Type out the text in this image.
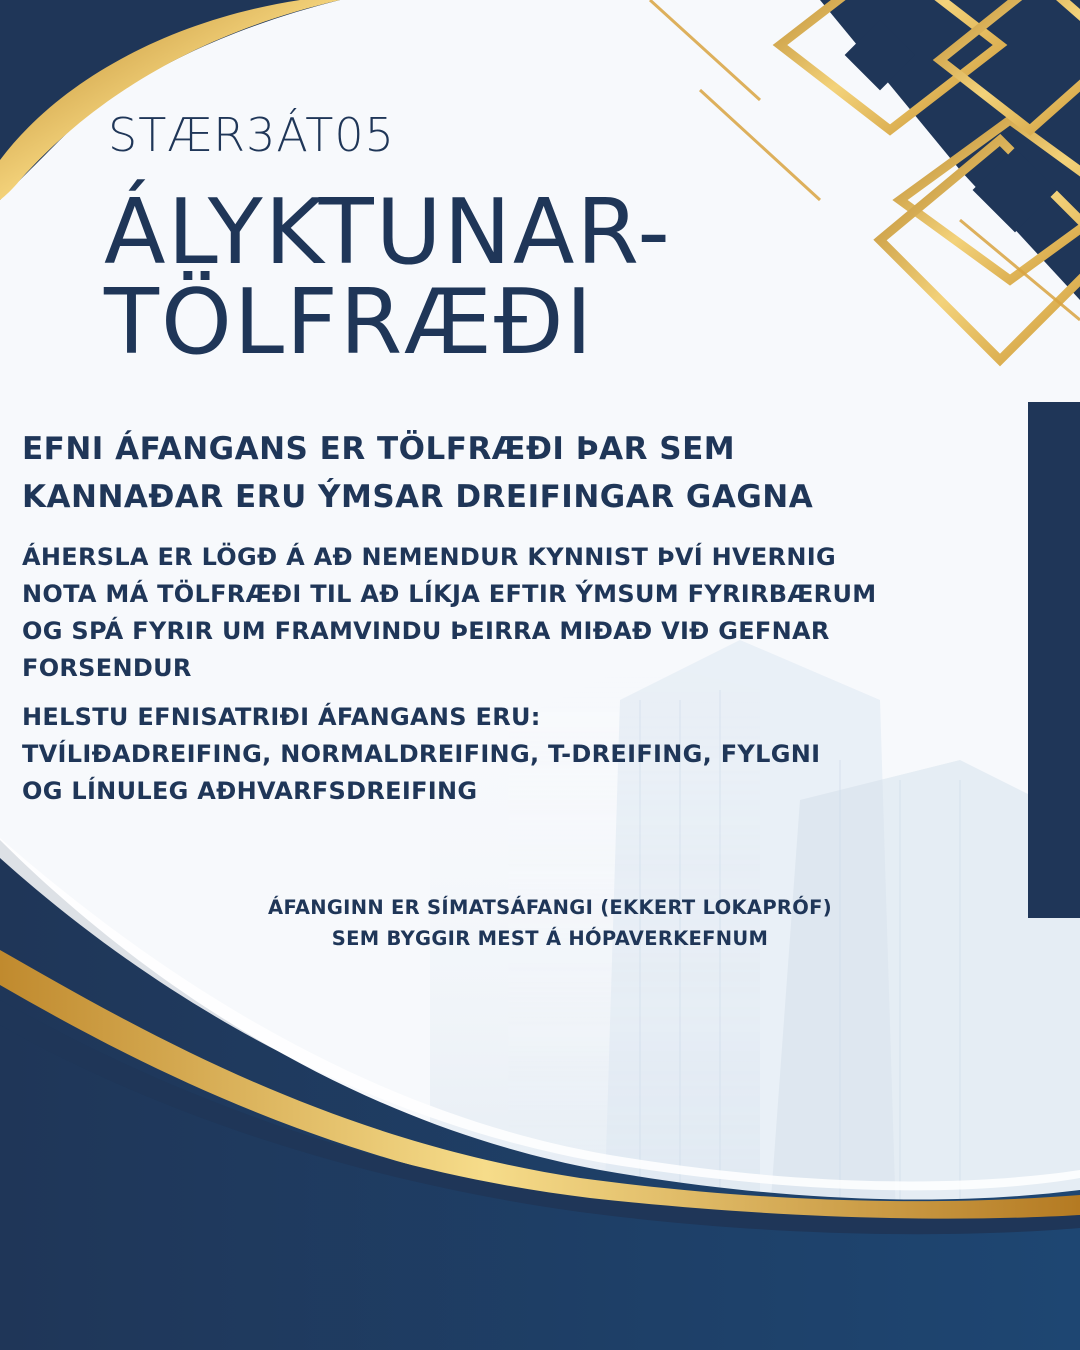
STÆR3ÁT05
ÁLYKTUNAR-
TÖLFRÆÐI
EFNI ÁFANGANS ER TÖLFRÆÐI ÞAR SEM
KANNAÐAR ERU ÝMSAR DREIFINGAR GAGNA
ÁHERSLA ER LÖGÐ Á AÐ NEMENDUR KYNNIST ÞVÍ HVERNIG
NOTA MÁ TÖLFRÆÐI TIL AÐ LÍKJA EFTIR ÝMSUM FYRIRBÆRUM
OG SPÁ FYRIR UM FRAMVINDU ÞEIRRA MIÐAÐ VIÐ GEFNAR
FORSENDUR
HELSTU EFNISATRIÐI ÁFANGANS ERU:
TVÍLIÐADREIFING, NORMALDREIFING, T-DREIFING, FYLGNI
OG LÍNULEG AÐHVARFSDREIFING
ÁFANGINN ER SÍMATSÁFANGI (EKKERT LOKAPRÓF)
SEM BYGGIR MEST Á HÓPAVERKEFNUM
